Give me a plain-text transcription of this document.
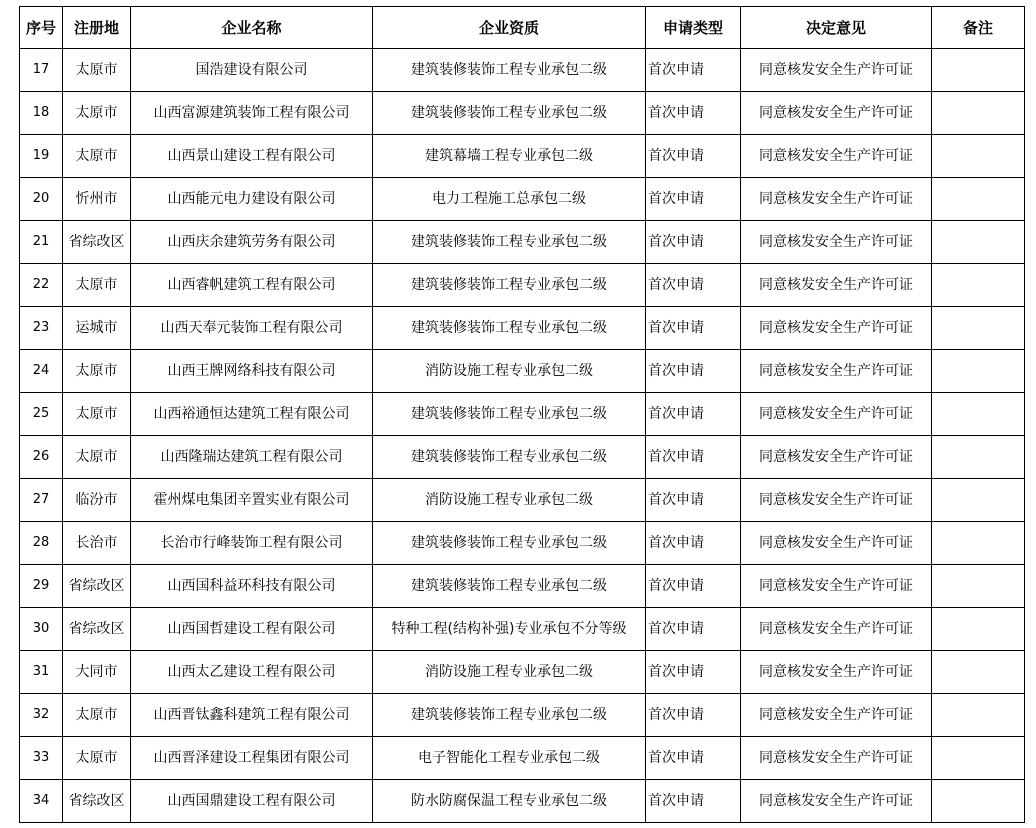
序号	注册地	企业名称	企业资质	申请类型	决定意见	备注
17	太原市	国浩建设有限公司	建筑装修装饰工程专业承包二级	首次申请	同意核发安全生产许可证	
18	太原市	山西富源建筑装饰工程有限公司	建筑装修装饰工程专业承包二级	首次申请	同意核发安全生产许可证	
19	太原市	山西景山建设工程有限公司	建筑幕墙工程专业承包二级	首次申请	同意核发安全生产许可证	
20	忻州市	山西能元电力建设有限公司	电力工程施工总承包二级	首次申请	同意核发安全生产许可证	
21	省综改区	山西庆余建筑劳务有限公司	建筑装修装饰工程专业承包二级	首次申请	同意核发安全生产许可证	
22	太原市	山西睿帆建筑工程有限公司	建筑装修装饰工程专业承包二级	首次申请	同意核发安全生产许可证	
23	运城市	山西天奉元装饰工程有限公司	建筑装修装饰工程专业承包二级	首次申请	同意核发安全生产许可证	
24	太原市	山西王牌网络科技有限公司	消防设施工程专业承包二级	首次申请	同意核发安全生产许可证	
25	太原市	山西裕通恒达建筑工程有限公司	建筑装修装饰工程专业承包二级	首次申请	同意核发安全生产许可证	
26	太原市	山西隆瑞达建筑工程有限公司	建筑装修装饰工程专业承包二级	首次申请	同意核发安全生产许可证	
27	临汾市	霍州煤电集团辛置实业有限公司	消防设施工程专业承包二级	首次申请	同意核发安全生产许可证	
28	长治市	长治市行峰装饰工程有限公司	建筑装修装饰工程专业承包二级	首次申请	同意核发安全生产许可证	
29	省综改区	山西国科益环科技有限公司	建筑装修装饰工程专业承包二级	首次申请	同意核发安全生产许可证	
30	省综改区	山西国哲建设工程有限公司	特种工程(结构补强)专业承包不分等级	首次申请	同意核发安全生产许可证	
31	大同市	山西太乙建设工程有限公司	消防设施工程专业承包二级	首次申请	同意核发安全生产许可证	
32	太原市	山西晋钛鑫科建筑工程有限公司	建筑装修装饰工程专业承包二级	首次申请	同意核发安全生产许可证	
33	太原市	山西晋泽建设工程集团有限公司	电子智能化工程专业承包二级	首次申请	同意核发安全生产许可证	
34	省综改区	山西国鼎建设工程有限公司	防水防腐保温工程专业承包二级	首次申请	同意核发安全生产许可证	
